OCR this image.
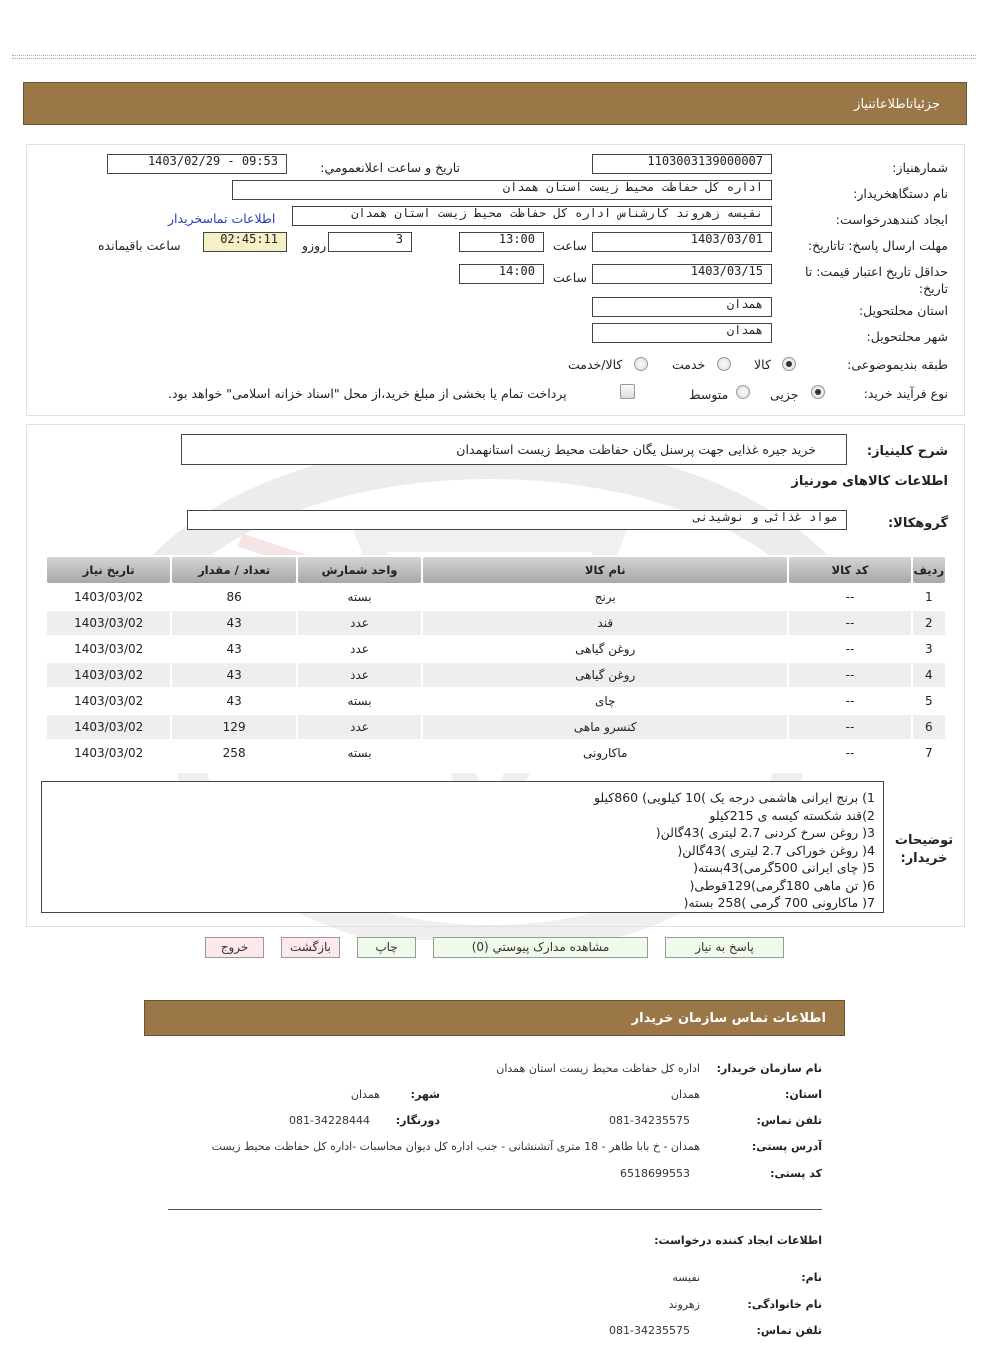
جزئیاتاطلاعاتنیاز
شمارهنیاز:
1103003139000007
تاریخ و ساعت اعلانعمومي:
1403/02/29 - 09:53
نام دستگاهخریدار:
اداره کل حفاظت محیط زیست استان همدان
ایجاد کنندهدرخواست:
نفیسه زهروند کارشناس اداره کل حفاظت محیط زیست استان همدان
اطلاعات تماسخریدار
مهلت ارسال پاسخ: تاتاریخ:
1403/03/01
ساعت
13:00
3
روزو
02:45:11
ساعت باقيمانده
حداقل تاریخ اعتبار قیمت: تا تاریخ:
1403/03/15
ساعت
14:00
استان محلتحویل:
همدان
شهر محلتحویل:
همدان
طبقه بندیموضوعی:
کالا
خدمت
کالا/خدمت
نوع فرآیند خرید:
جزیی
متوسط
پرداخت تمام یا بخشی از مبلغ خرید،از محل "اسناد خزانه اسلامی" خواهد بود.
شرح کلينیاز:
خرید جیره غذایی جهت پرسنل یگان حفاظت محیط زیست استانهمدان
اطلاعات کالاهای مورنیاز
گروهکالا:
مواد غذائی و نوشیدنی
ردیف	کد کالا	نام کالا	واحد شمارش	تعداد / مقدار	تاریخ نیاز
1	--	برنج	بسته	86	1403/03/02
2	--	قند	عدد	43	1403/03/02
3	--	روغن گیاهی	عدد	43	1403/03/02
4	--	روغن گیاهی	عدد	43	1403/03/02
5	--	چای	بسته	43	1403/03/02
6	--	کنسرو ماهی	عدد	129	1403/03/02
7	--	ماکارونی	بسته	258	1403/03/02
توضیحات خریدار:
1) برنج ایرانی هاشمی درجه یک )10 کیلویی) 860کیلو
2)قند شکسته کیسه ی 215کیلو
3( روغن سرخ کردنی 2.7 لیتری )43گالن(
4( روغن خوراکی 2.7 لیتری )43گالن(
5( چای ایرانی 500گرمی)43بسته(
6( تن ماهی 180گرمی)129قوطی(
7( ماکارونی 700 گرمی )258 بسته(
پاسخ به نیاز
مشاهده مدارک پیوستي (0)
چاپ
بازگشت
خروج
اطلاعات تماس سازمان خریدار
نام سازمان خریدار:
اداره کل حفاظت محیط زیست استان همدان
استان:
همدان
شهر:
همدان
تلفن تماس:
081-34235575
دورنگار:
081-34228444
آدرس پستی:
همدان - خ بابا طاهر - 18 متری آتشنشانی - جنب اداره کل دیوان محاسبات -اداره کل حفاظت محیط زیست
کد پستی:
6518699553
اطلاعات ایجاد کننده درخواست:
نام:
نفیسه
نام خانوادگی:
زهروند
تلفن تماس:
081-34235575
